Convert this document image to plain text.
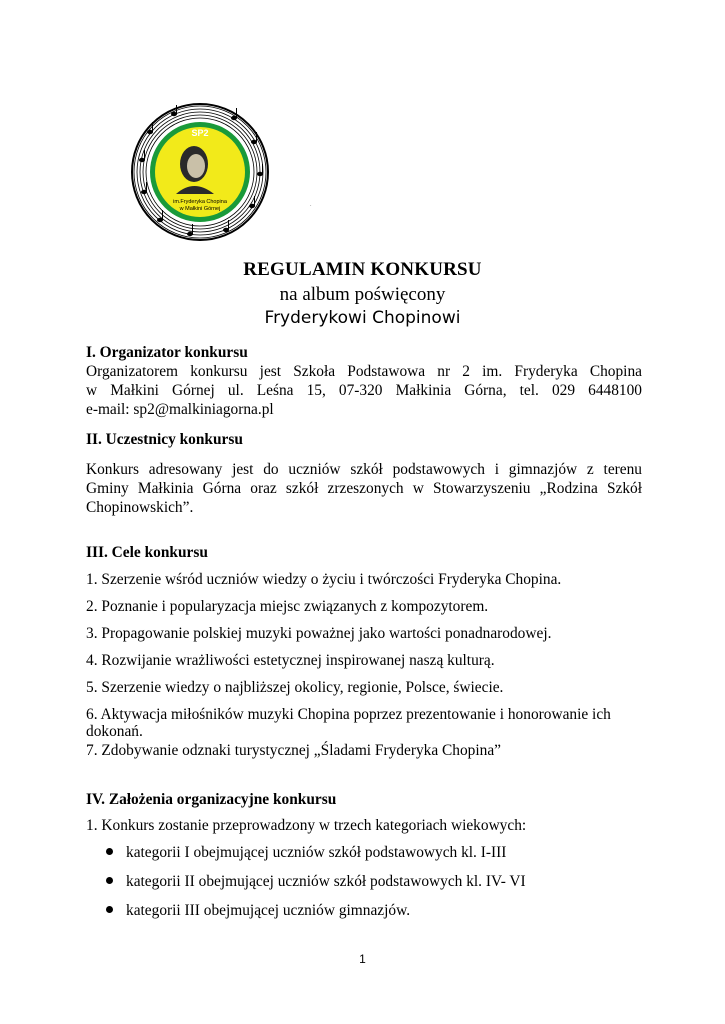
SP2
im.Fryderyka Chopina
w Małkini Górnej
.
REGULAMIN KONKURSU
na album poświęcony
Fryderykowi Chopinowi
I. Organizator konkursu
Organizatorem konkursu jest Szkoła Podstawowa nr 2 im. Fryderyka Chopina
w Małkini Górnej ul. Leśna 15, 07-320 Małkinia Górna, tel. 029 6448100
e-mail: sp2@malkiniagorna.pl
II. Uczestnicy konkursu
Konkurs adresowany jest do uczniów szkół podstawowych i gimnazjów z terenu
Gminy Małkinia Górna oraz szkół zrzeszonych w Stowarzyszeniu „Rodzina Szkół
Chopinowskich”.
III. Cele konkursu
1. Szerzenie wśród uczniów wiedzy o życiu i twórczości Fryderyka Chopina.
2. Poznanie i popularyzacja miejsc związanych z kompozytorem.
3. Propagowanie polskiej muzyki poważnej jako wartości ponadnarodowej.
4. Rozwijanie wrażliwości estetycznej inspirowanej naszą kulturą.
5. Szerzenie wiedzy o najbliższej okolicy, regionie, Polsce, świecie.
6. Aktywacja miłośników muzyki Chopina poprzez prezentowanie i honorowanie ich
dokonań.
7. Zdobywanie odznaki turystycznej „Śladami Fryderyka Chopina”
IV. Założenia organizacyjne konkursu
1. Konkurs zostanie przeprowadzony w trzech kategoriach wiekowych:
kategorii I obejmującej uczniów szkół podstawowych kl. I-III
kategorii II obejmującej uczniów szkół podstawowych kl. IV- VI
kategorii III obejmującej uczniów gimnazjów.
1
